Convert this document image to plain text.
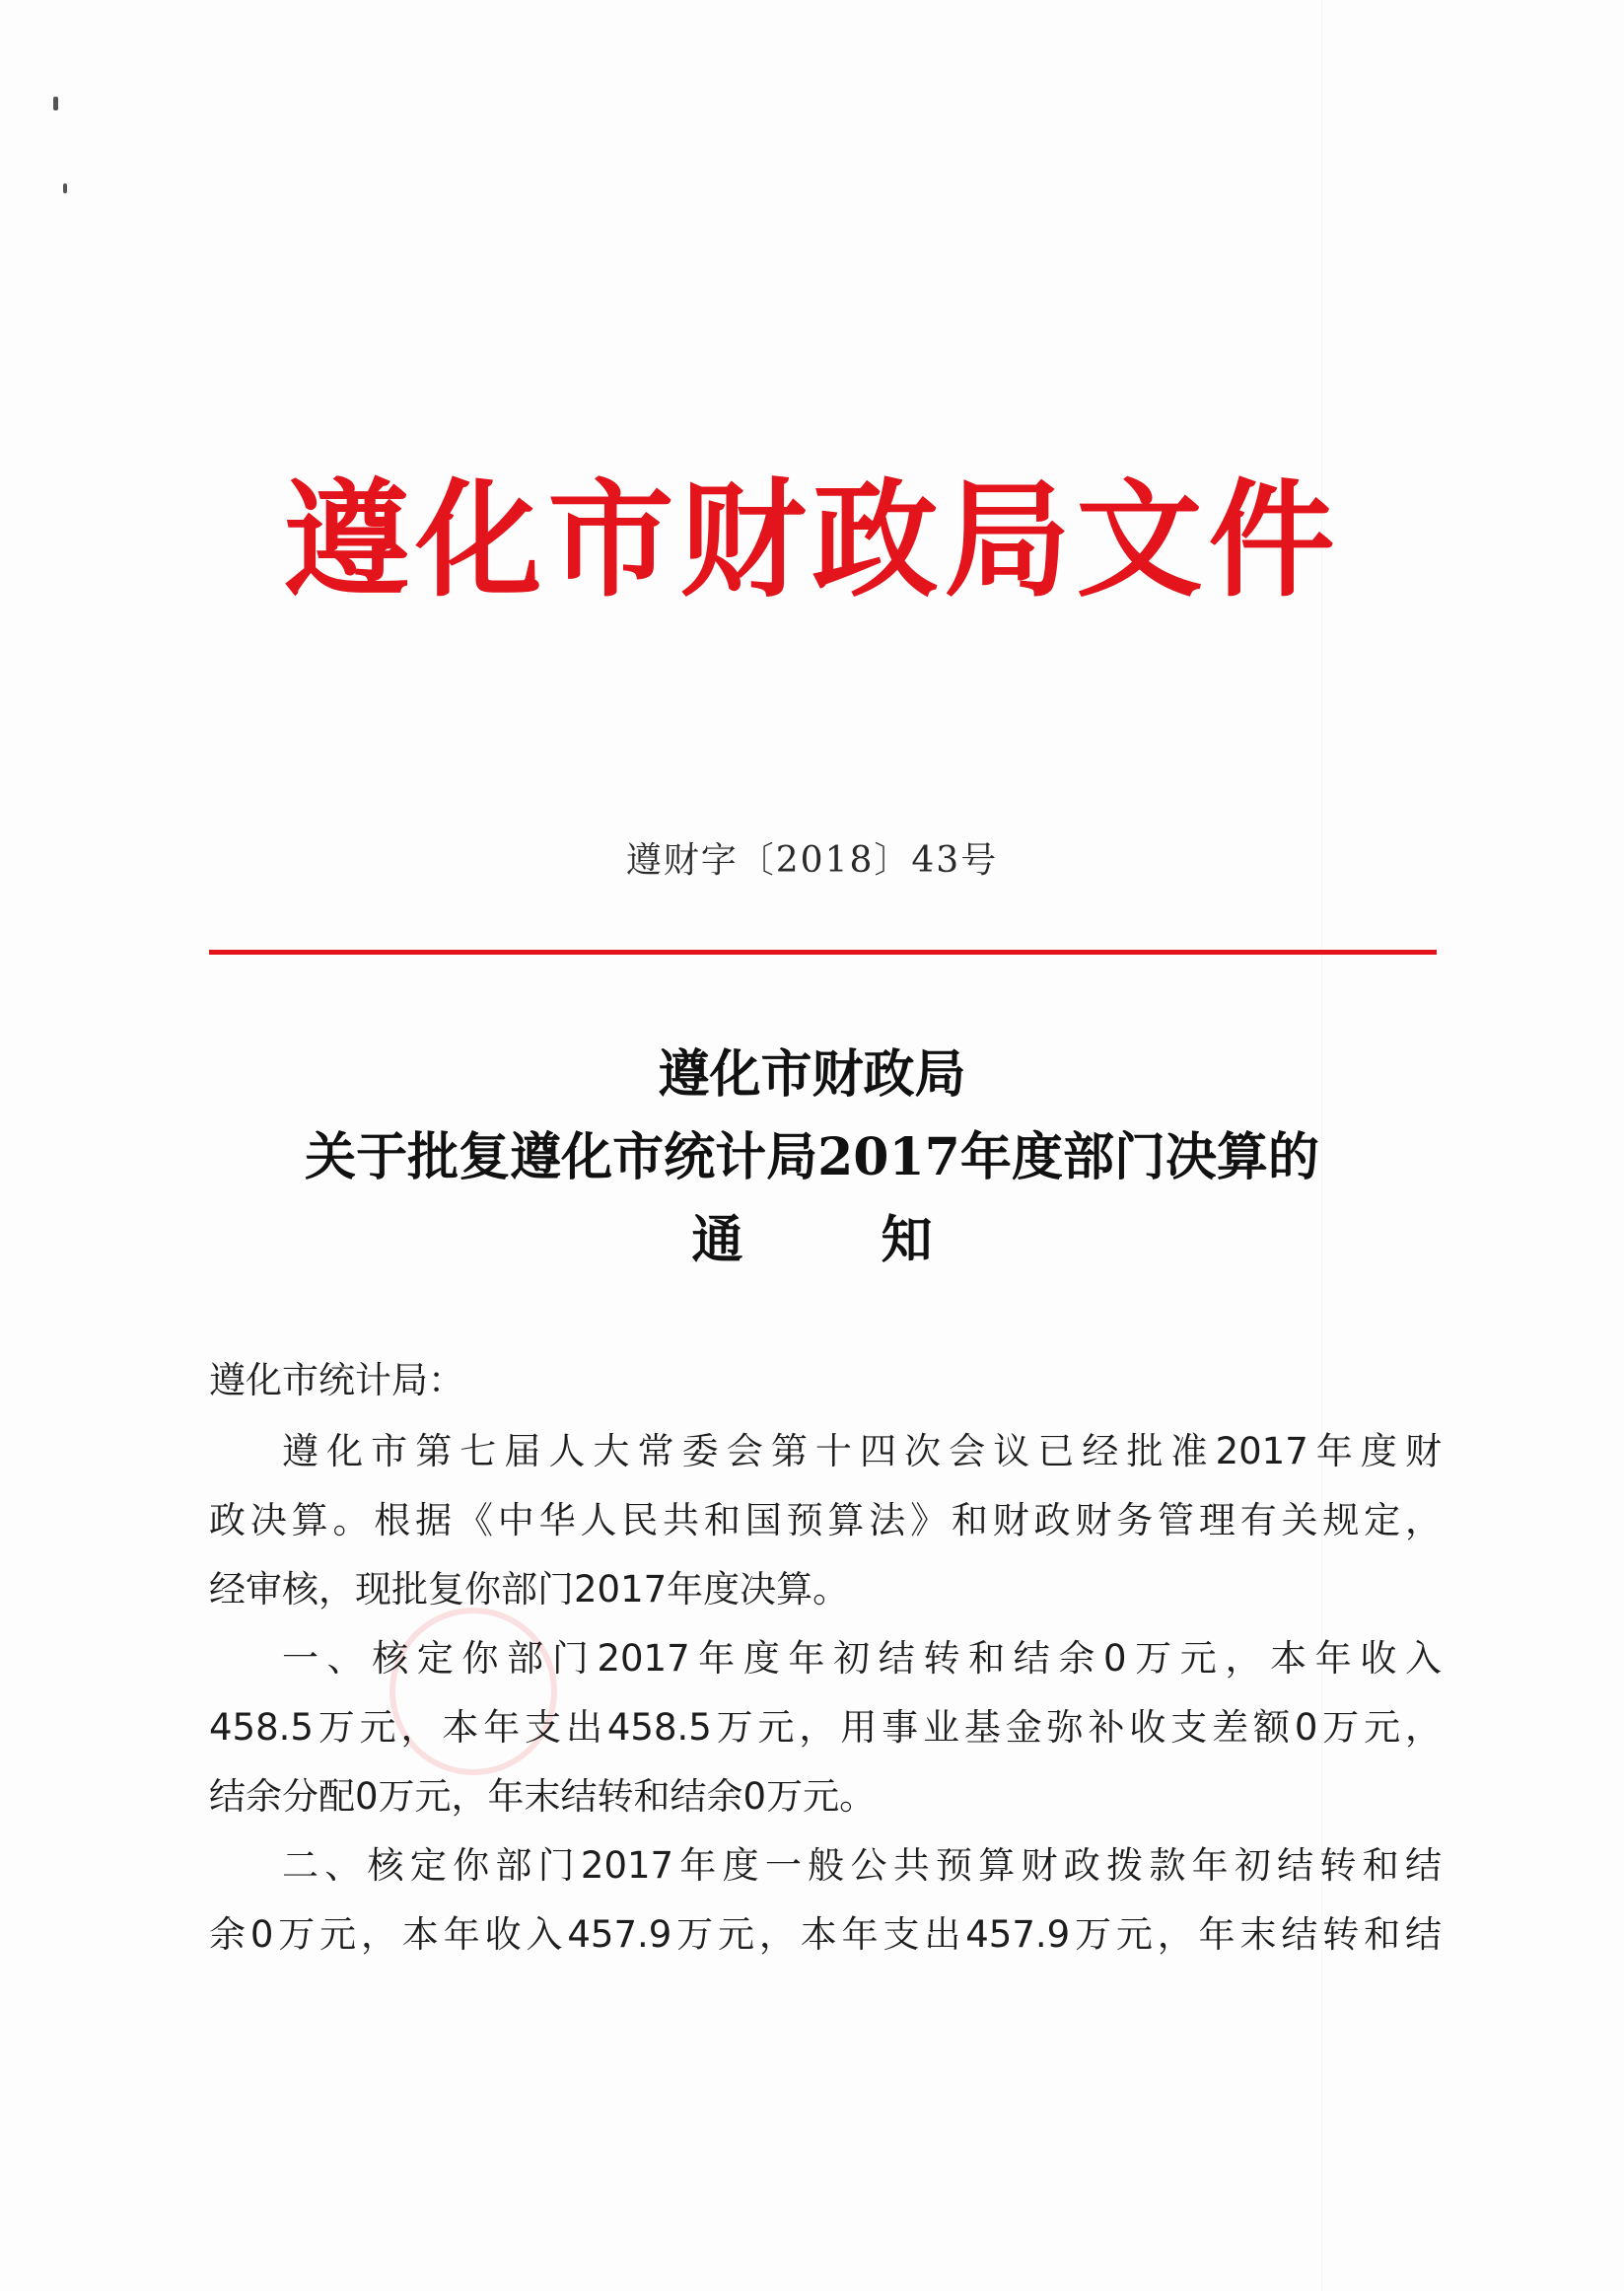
遵化市财政局文件
遵财字〔2018〕43号
遵化市财政局
关于批复遵化市统计局2017年度部门决算的
通	知
遵化市统计局：
遵化市第七届人大常委会第十四次会议已经批准2017年度财
政决算。根据《中华人民共和国预算法》和财政财务管理有关规定，
经审核，现批复你部门2017年度决算。
一、核定你部门2017年度年初结转和结余0万元，本年收入
458.5万元，本年支出458.5万元，用事业基金弥补收支差额0万元，
结余分配0万元，年末结转和结余0万元。
二、核定你部门2017年度一般公共预算财政拨款年初结转和结
余0万元，本年收入457.9万元，本年支出457.9万元，年末结转和结
